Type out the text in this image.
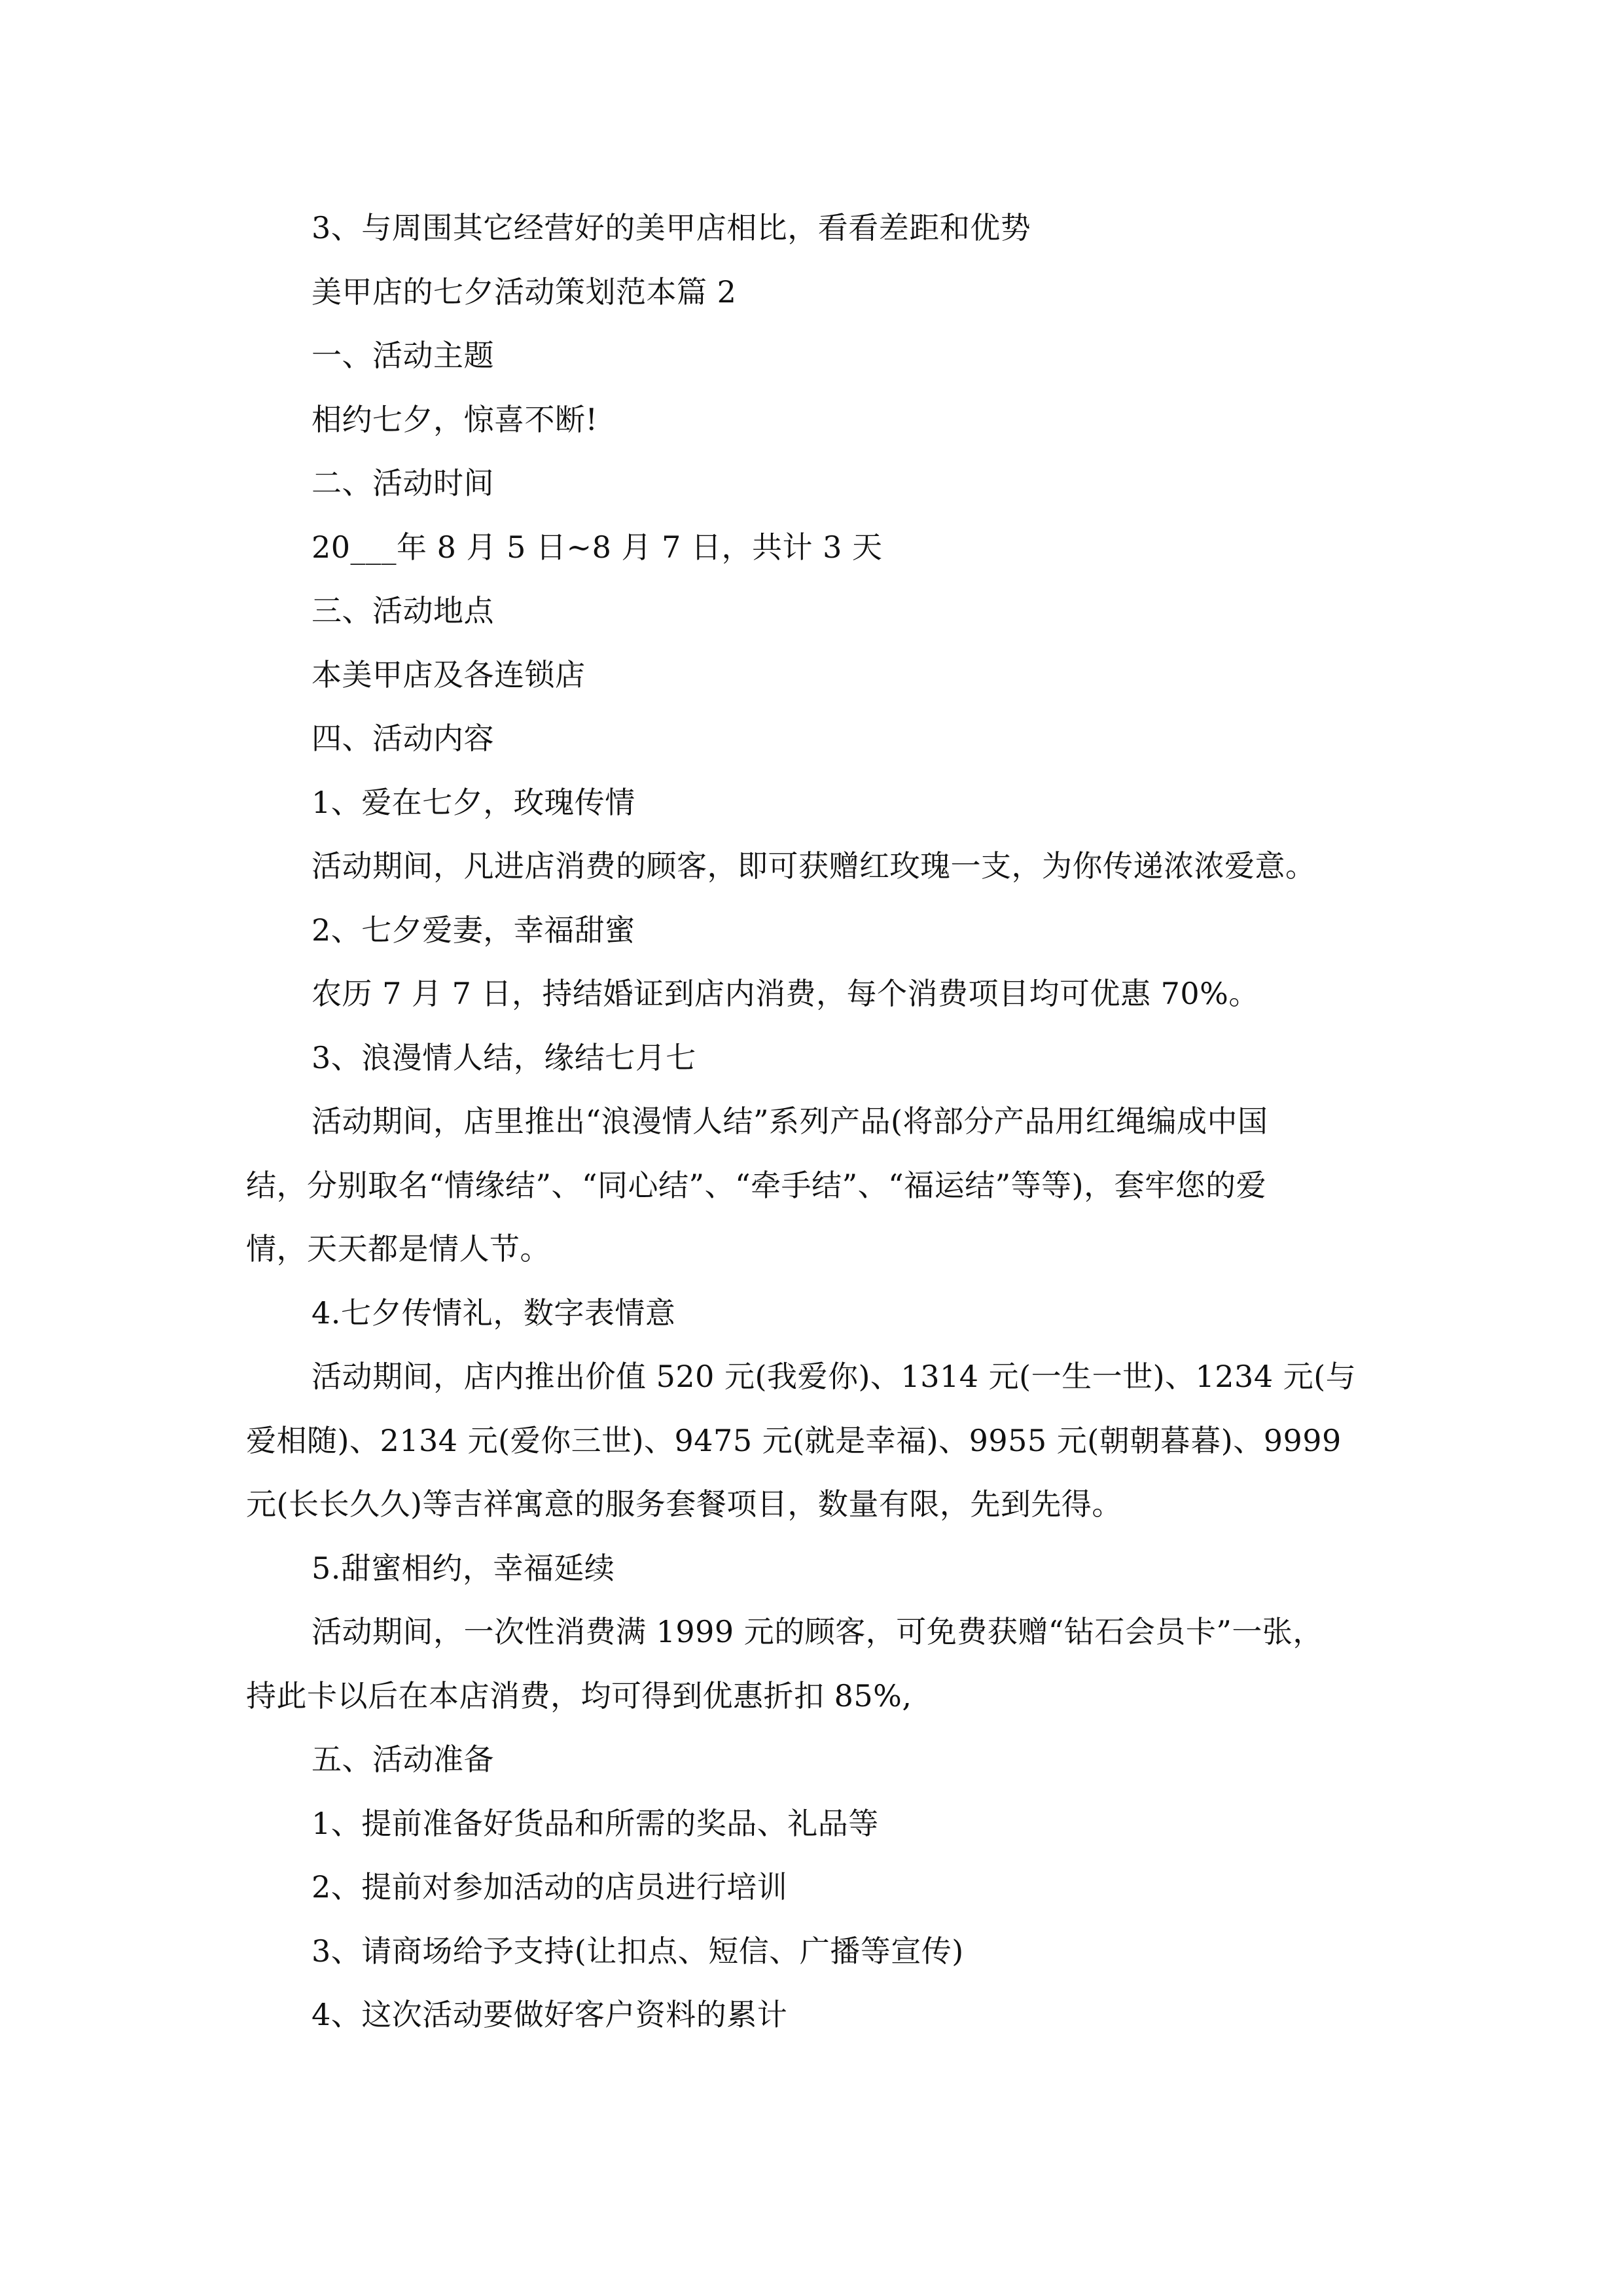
3、与周围其它经营好的美甲店相比，看看差距和优势
美甲店的七夕活动策划范本篇 2
一、活动主题
相约七夕，惊喜不断!
二、活动时间
20___年 8 月 5 日~8 月 7 日，共计 3 天
三、活动地点
本美甲店及各连锁店
四、活动内容
1、爱在七夕，玫瑰传情
活动期间，凡进店消费的顾客，即可获赠红玫瑰一支，为你传递浓浓爱意。
2、七夕爱妻，幸福甜蜜
农历 7 月 7 日，持结婚证到店内消费，每个消费项目均可优惠 70%。
3、浪漫情人结，缘结七月七
活动期间，店里推出“浪漫情人结”系列产品(将部分产品用红绳编成中国
结，分别取名“情缘结”、“同心结”、“牵手结”、“福运结”等等)，套牢您的爱
情，天天都是情人节。
4.七夕传情礼，数字表情意
活动期间，店内推出价值 520 元(我爱你)、1314 元(一生一世)、1234 元(与
爱相随)、2134 元(爱你三世)、9475 元(就是幸福)、9955 元(朝朝暮暮)、9999
元(长长久久)等吉祥寓意的服务套餐项目，数量有限，先到先得。
5.甜蜜相约，幸福延续
活动期间，一次性消费满 1999 元的顾客，可免费获赠“钻石会员卡”一张，
持此卡以后在本店消费，均可得到优惠折扣 85%,
五、活动准备
1、提前准备好货品和所需的奖品、礼品等
2、提前对参加活动的店员进行培训
3、请商场给予支持(让扣点、短信、广播等宣传)
4、这次活动要做好客户资料的累计
